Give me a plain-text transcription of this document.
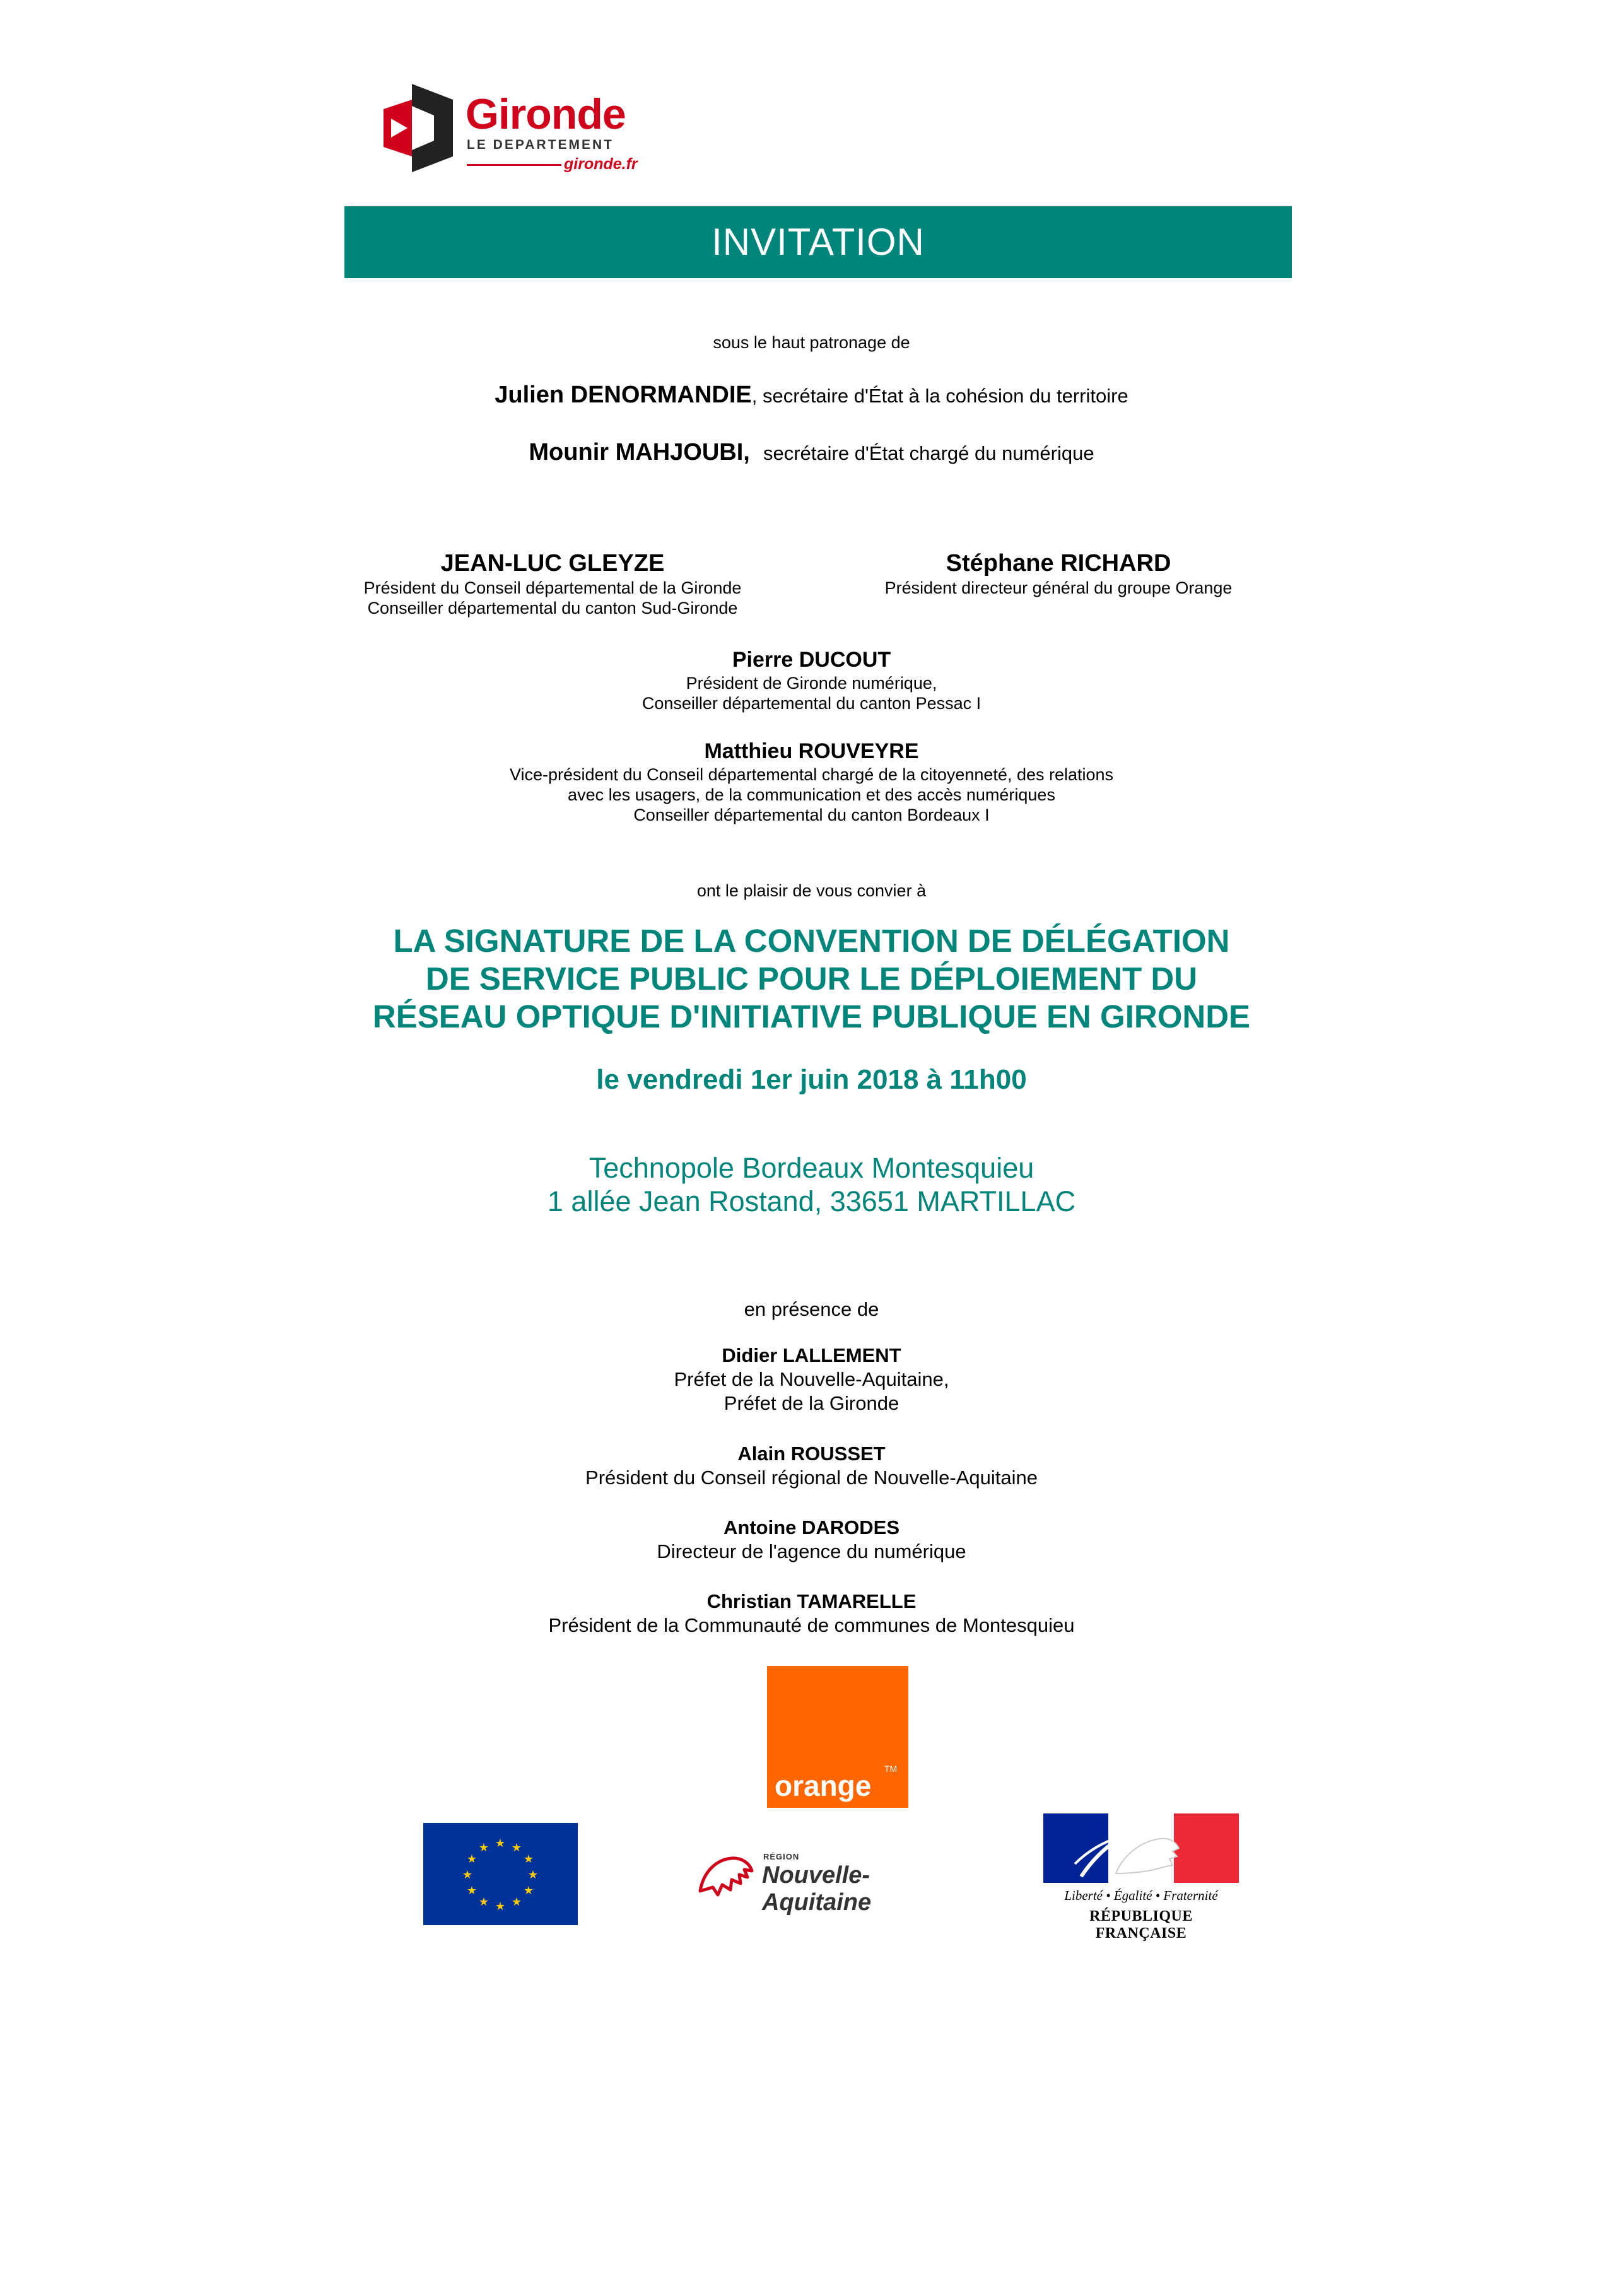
Gironde
LE DEPARTEMENT
gironde.fr
INVITATION
sous le haut patronage de
Julien DENORMANDIE, secrétaire d'État à la cohésion du territoire
Mounir MAHJOUBI, secrétaire d'État chargé du numérique
JEAN-LUC GLEYZE
Président du Conseil départemental de la Gironde
Conseiller départemental du canton Sud-Gironde
Stéphane RICHARD
Président directeur général du groupe Orange
Pierre DUCOUT
Président de Gironde numérique,
Conseiller départemental du canton Pessac I
Matthieu ROUVEYRE
Vice-président du Conseil départemental chargé de la citoyenneté, des relations
avec les usagers, de la communication et des accès numériques
Conseiller départemental du canton Bordeaux I
ont le plaisir de vous convier à
LA SIGNATURE DE LA CONVENTION DE DÉLÉGATION
DE SERVICE PUBLIC POUR LE DÉPLOIEMENT DU
RÉSEAU OPTIQUE D'INITIATIVE PUBLIQUE EN GIRONDE
le vendredi 1er juin 2018 à 11h00
Technopole Bordeaux Montesquieu
1 allée Jean Rostand, 33651 MARTILLAC
en présence de
Didier LALLEMENT
Préfet de la Nouvelle-Aquitaine,
Préfet de la Gironde
Alain ROUSSET
Président du Conseil régional de Nouvelle-Aquitaine
Antoine DARODES
Directeur de l'agence du numérique
Christian TAMARELLE
Président de la Communauté de communes de Montesquieu
orange
TM
★ ★
★
★
★
★
★
★
★
★
★
★
RÉGION
Nouvelle-Aquitaine	Liberté • Égalité • Fraternité
RÉPUBLIQUE FRANÇAISE
